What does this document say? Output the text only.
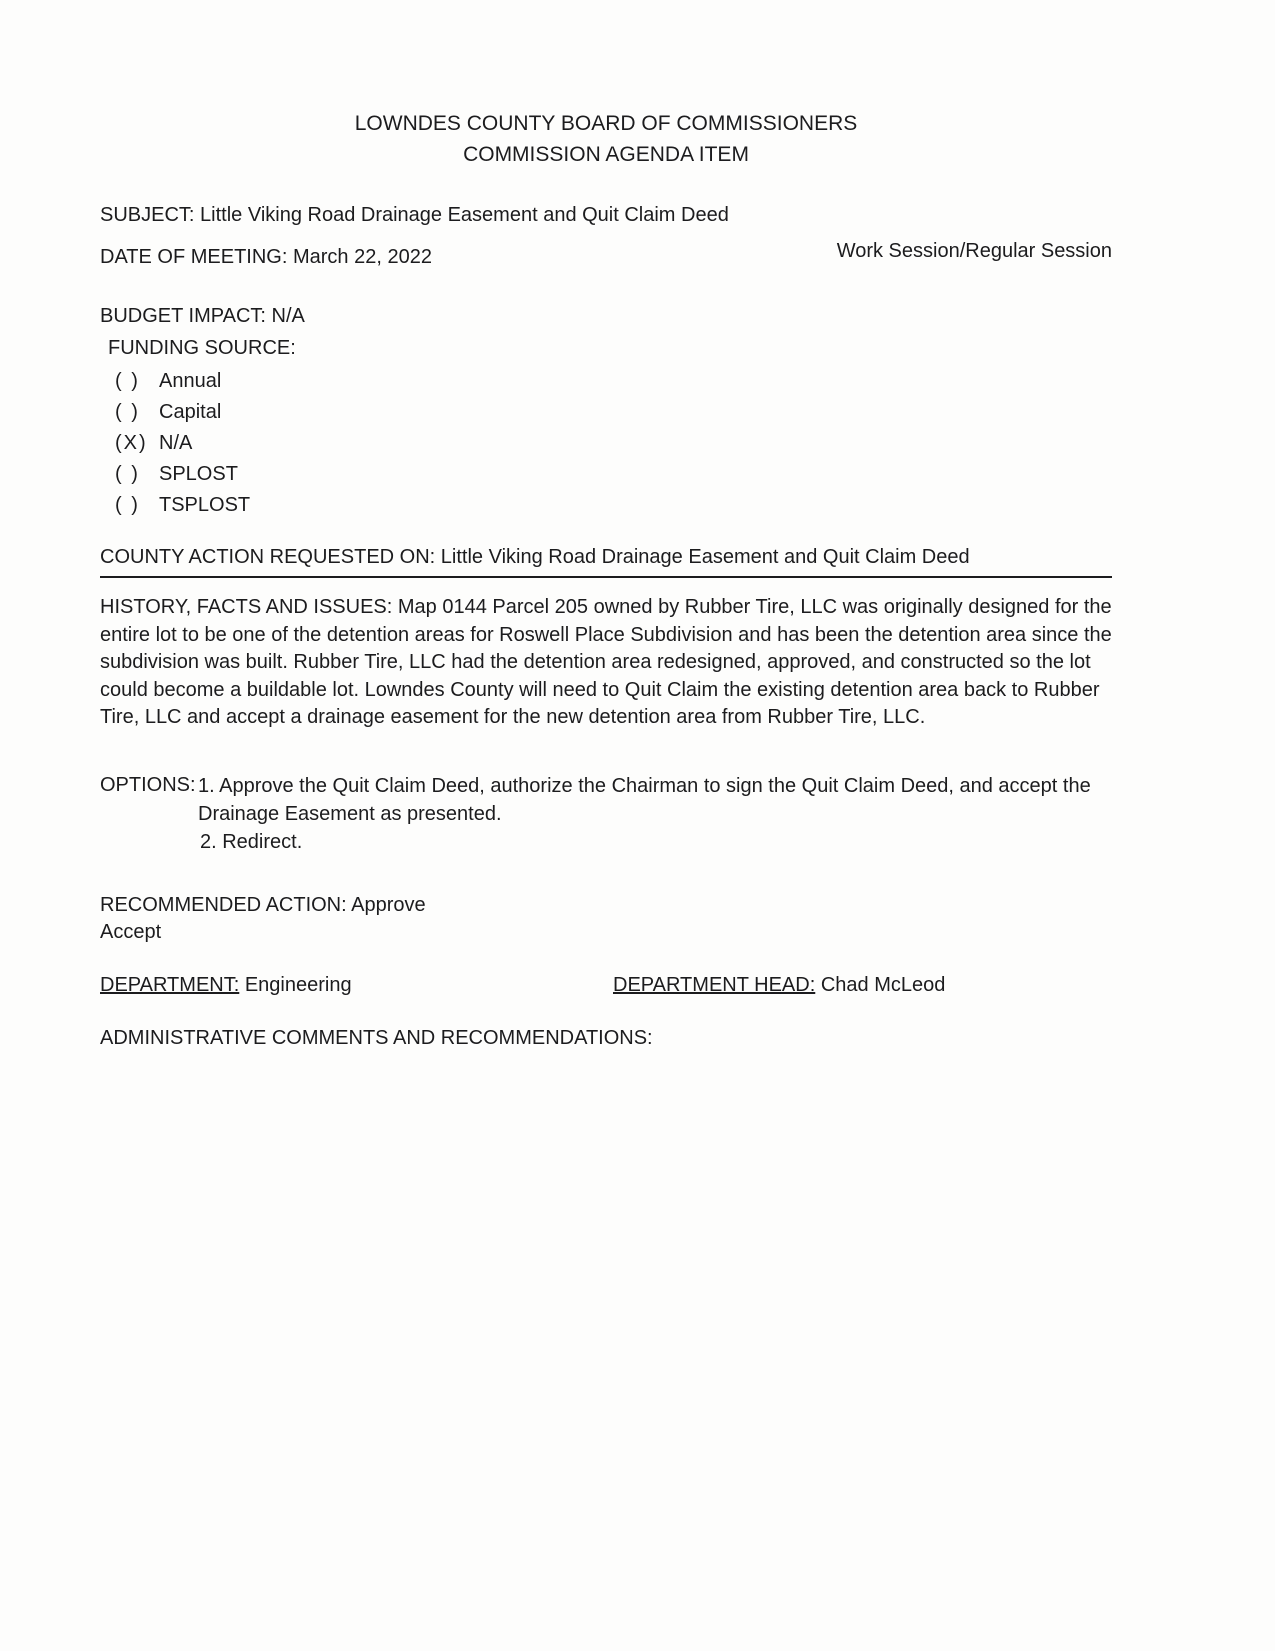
LOWNDES COUNTY BOARD OF COMMISSIONERS
COMMISSION AGENDA ITEM
SUBJECT: Little Viking Road Drainage Easement and Quit Claim Deed
DATE OF MEETING: March 22, 2022	Work Session/Regular Session
BUDGET IMPACT: N/A
FUNDING SOURCE:
( ) Annual
( ) Capital
(X) N/A
( ) SPLOST
( ) TSPLOST
COUNTY ACTION REQUESTED ON: Little Viking Road Drainage Easement and Quit Claim Deed
HISTORY, FACTS AND ISSUES: Map 0144 Parcel 205 owned by Rubber Tire, LLC was originally designed for the entire lot to be one of the detention areas for Roswell Place Subdivision and has been the detention area since the subdivision was built. Rubber Tire, LLC had the detention area redesigned, approved, and constructed so the lot could become a buildable lot. Lowndes County will need to Quit Claim the existing detention area back to Rubber Tire, LLC and accept a drainage easement for the new detention area from Rubber Tire, LLC.
OPTIONS: 1. Approve the Quit Claim Deed, authorize the Chairman to sign the Quit Claim Deed, and accept the Drainage Easement as presented.
2. Redirect.
RECOMMENDED ACTION: Approve
Accept
DEPARTMENT: Engineering	DEPARTMENT HEAD: Chad McLeod
ADMINISTRATIVE COMMENTS AND RECOMMENDATIONS:
